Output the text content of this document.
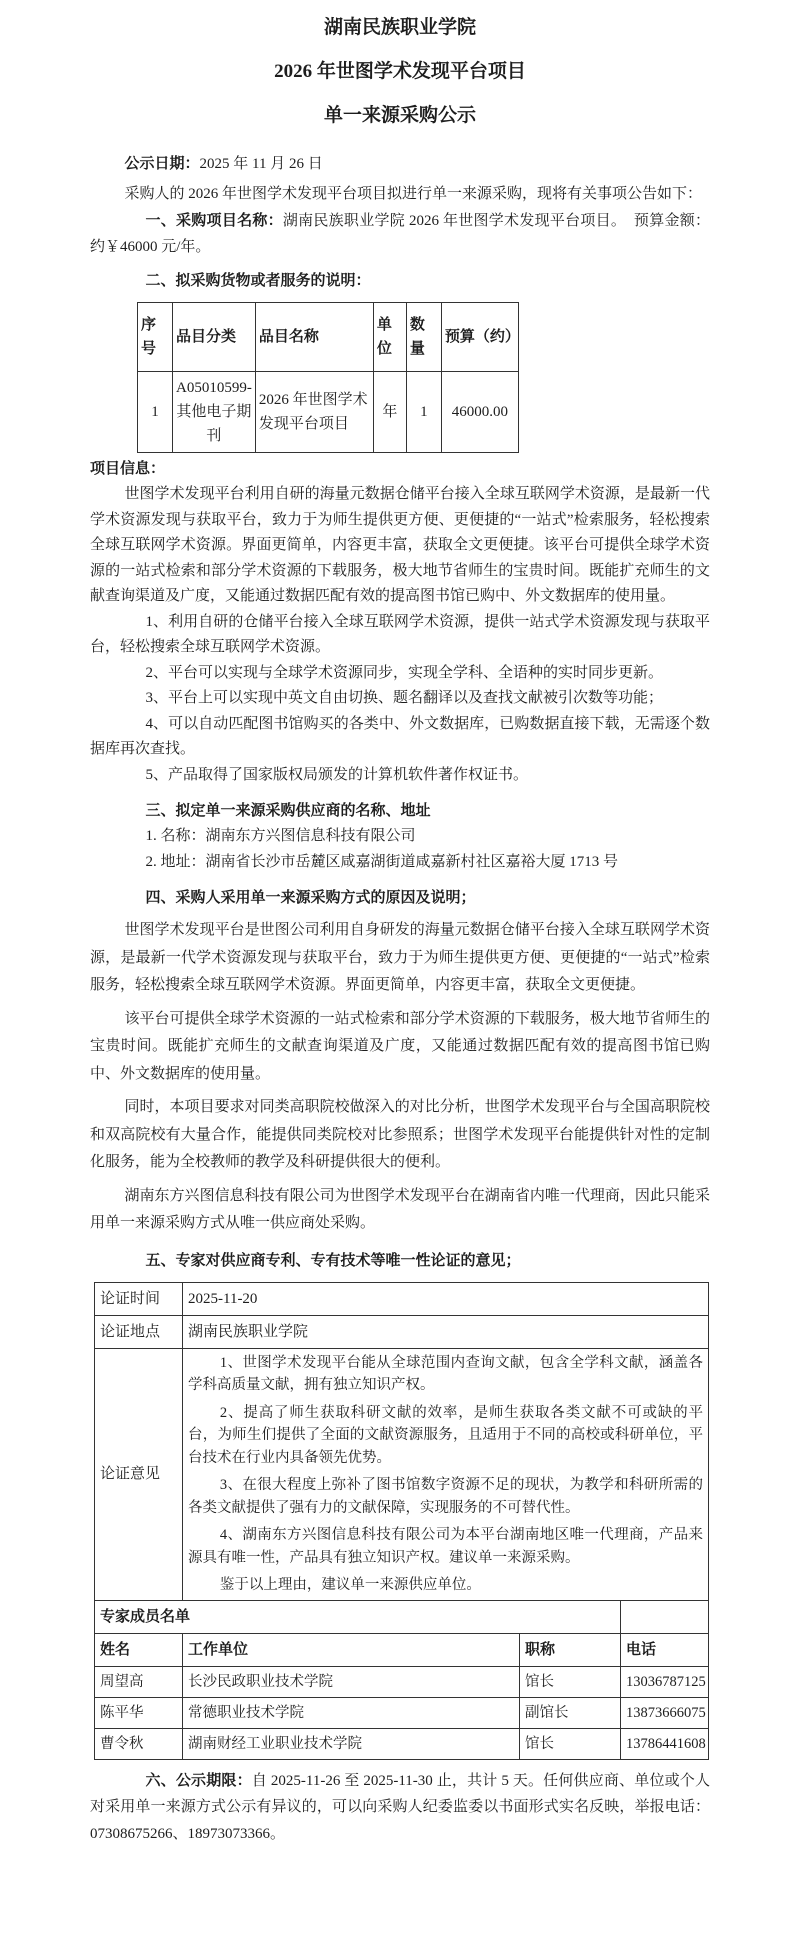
湖南民族职业学院

2026 年世图学术发现平台项目

单一来源采购公示

公示日期：2025 年 11 月 26 日

采购人的 2026 年世图学术发现平台项目拟进行单一来源采购，现将有关事项公告如下：

一、采购项目名称：湖南民族职业学院 2026 年世图学术发现平台项目。　预算金额：约￥46000 元/年。

二、拟采购货物或者服务的说明：

序号	品目分类	品目名称	单位	数量	预算（约）
1	A05010599-其他电子期刊	2026 年世图学术发现平台项目	年	1	46000.00

项目信息：

世图学术发现平台利用自研的海量元数据仓储平台接入全球互联网学术资源，是最新一代学术资源发现与获取平台，致力于为师生提供更方便、更便捷的“一站式”检索服务，轻松搜索全球互联网学术资源。界面更简单，内容更丰富，获取全文更便捷。该平台可提供全球学术资源的一站式检索和部分学术资源的下载服务，极大地节省师生的宝贵时间。既能扩充师生的文献查询渠道及广度，又能通过数据匹配有效的提高图书馆已购中、外文数据库的使用量。

1、利用自研的仓储平台接入全球互联网学术资源，提供一站式学术资源发现与获取平台，轻松搜索全球互联网学术资源。

2、平台可以实现与全球学术资源同步，实现全学科、全语种的实时同步更新。

3、平台上可以实现中英文自由切换、题名翻译以及查找文献被引次数等功能；

4、可以自动匹配图书馆购买的各类中、外文数据库，已购数据直接下载，无需逐个数据库再次查找。

5、产品取得了国家版权局颁发的计算机软件著作权证书。

三、拟定单一来源采购供应商的名称、地址

1. 名称：湖南东方兴图信息科技有限公司

2. 地址：湖南省长沙市岳麓区咸嘉湖街道咸嘉新村社区嘉裕大厦 1713 号

四、采购人采用单一来源采购方式的原因及说明；

世图学术发现平台是世图公司利用自身研发的海量元数据仓储平台接入全球互联网学术资源，是最新一代学术资源发现与获取平台，致力于为师生提供更方便、更便捷的“一站式”检索服务，轻松搜索全球互联网学术资源。界面更简单，内容更丰富，获取全文更便捷。

该平台可提供全球学术资源的一站式检索和部分学术资源的下载服务，极大地节省师生的宝贵时间。既能扩充师生的文献查询渠道及广度，又能通过数据匹配有效的提高图书馆已购中、外文数据库的使用量。

同时，本项目要求对同类高职院校做深入的对比分析，世图学术发现平台与全国高职院校和双高院校有大量合作，能提供同类院校对比参照系；世图学术发现平台能提供针对性的定制化服务，能为全校教师的教学及科研提供很大的便利。

湖南东方兴图信息科技有限公司为世图学术发现平台在湖南省内唯一代理商，因此只能采用单一来源采购方式从唯一供应商处采购。

五、专家对供应商专利、专有技术等唯一性论证的意见；

论证时间	2025-11-20		
论证地点	湖南民族职业学院		
论证意见	1、世图学术发现平台能从全球范围内查询文献，包含全学科文献，涵盖各学科高质量文献，拥有独立知识产权。

2、提高了师生获取科研文献的效率，是师生获取各类文献不可或缺的平台，为师生们提供了全面的文献资源服务，且适用于不同的高校或科研单位，平台技术在行业内具备领先优势。

3、在很大程度上弥补了图书馆数字资源不足的现状，为教学和科研所需的各类文献提供了强有力的文献保障，实现服务的不可替代性。

4、湖南东方兴图信息科技有限公司为本平台湖南地区唯一代理商，产品来源具有唯一性，产品具有独立知识产权。建议单一来源采购。

鉴于以上理由，建议单一来源供应单位。		

专家成员名单			
姓名	工作单位	职称	电话
周望高	长沙民政职业技术学院	馆长	13036787125
陈平华	常德职业技术学院	副馆长	13873666075
曹令秋	湖南财经工业职业技术学院	馆长	13786441608

六、公示期限：自 2025-11-26 至 2025-11-30 止，共计 5 天。任何供应商、单位或个人对采用单一来源方式公示有异议的，可以向采购人纪委监委以书面形式实名反映，举报电话：07308675266、18973073366。
